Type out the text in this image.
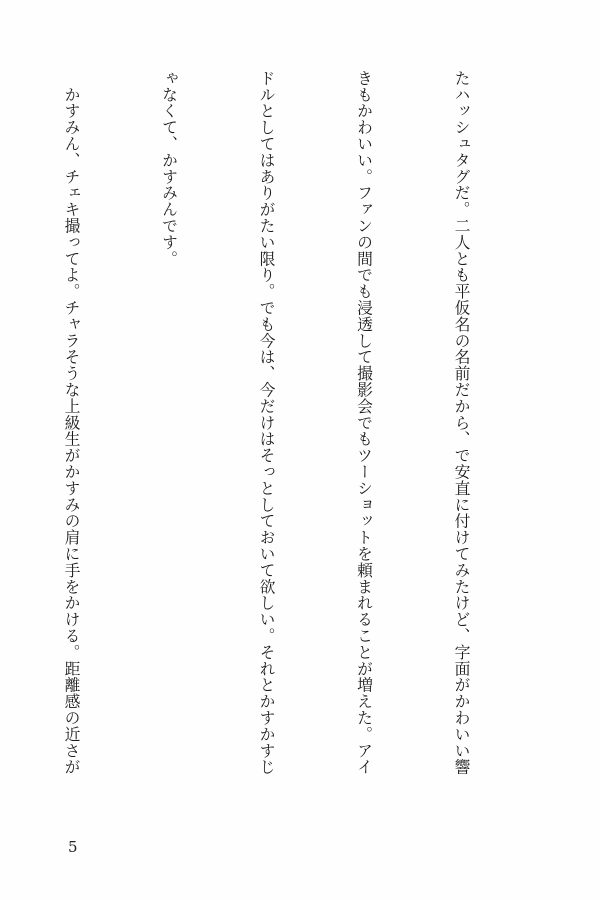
たハッシュタグだ。二人とも平仮名の名前だから、で安直に付けてみたけど、字面がかわいい響

きもかわいい。ファンの間でも浸透して撮影会でもツーショットを頼まれることが増えた。アイ

ドルとしてはありがたい限り。でも今は、今だけはそっとしておいて欲しい。それとかすかすじ

ゃなくて、かすみんです。

　かすみん、チェキ撮ってよ。チャラそうな上級生がかすみの肩に手をかける。距離感の近さが

5
